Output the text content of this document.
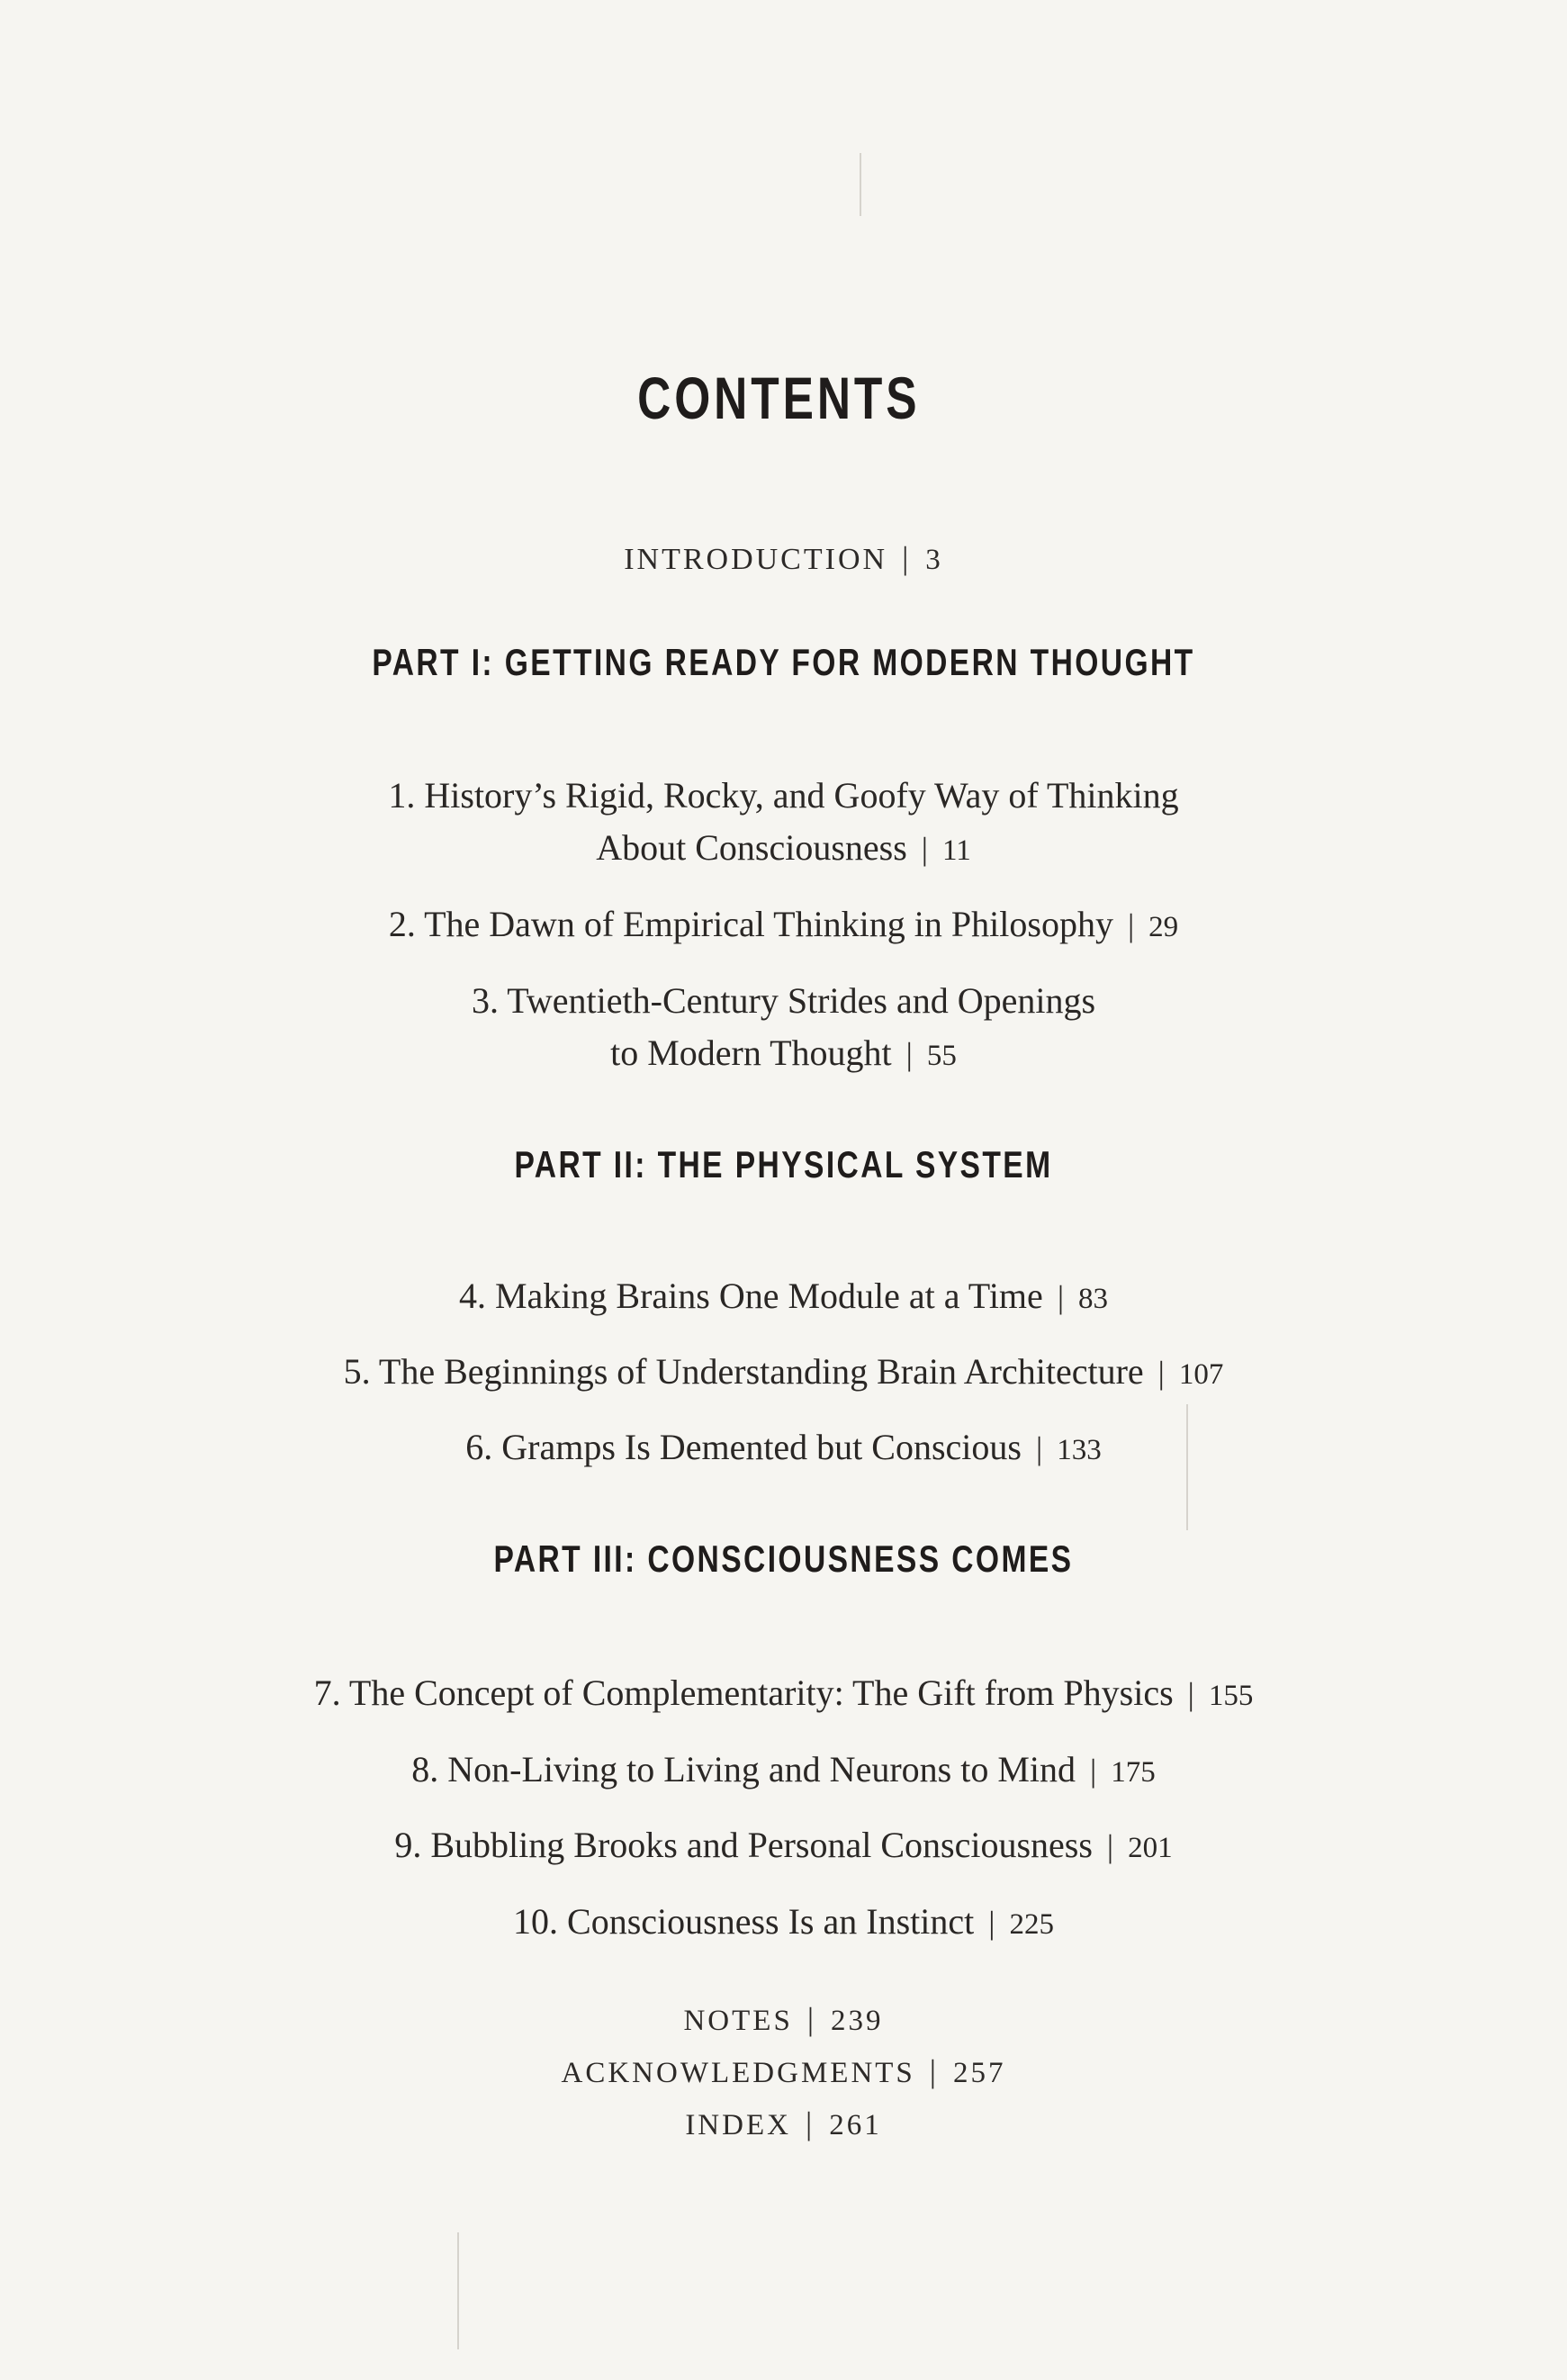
CONTENTS
INTRODUCTION | 3
PART I: GETTING READY FOR MODERN THOUGHT
1. History’s Rigid, Rocky, and Goofy Way of Thinking
About Consciousness | 11
2. The Dawn of Empirical Thinking in Philosophy | 29
3. Twentieth-Century Strides and Openings
to Modern Thought | 55
PART II: THE PHYSICAL SYSTEM
4. Making Brains One Module at a Time | 83
5. The Beginnings of Understanding Brain Architecture | 107
6. Gramps Is Demented but Conscious | 133
PART III: CONSCIOUSNESS COMES
7. The Concept of Complementarity: The Gift from Physics | 155
8. Non-Living to Living and Neurons to Mind | 175
9. Bubbling Brooks and Personal Consciousness | 201
10. Consciousness Is an Instinct | 225
NOTES | 239
ACKNOWLEDGMENTS | 257
INDEX | 261
